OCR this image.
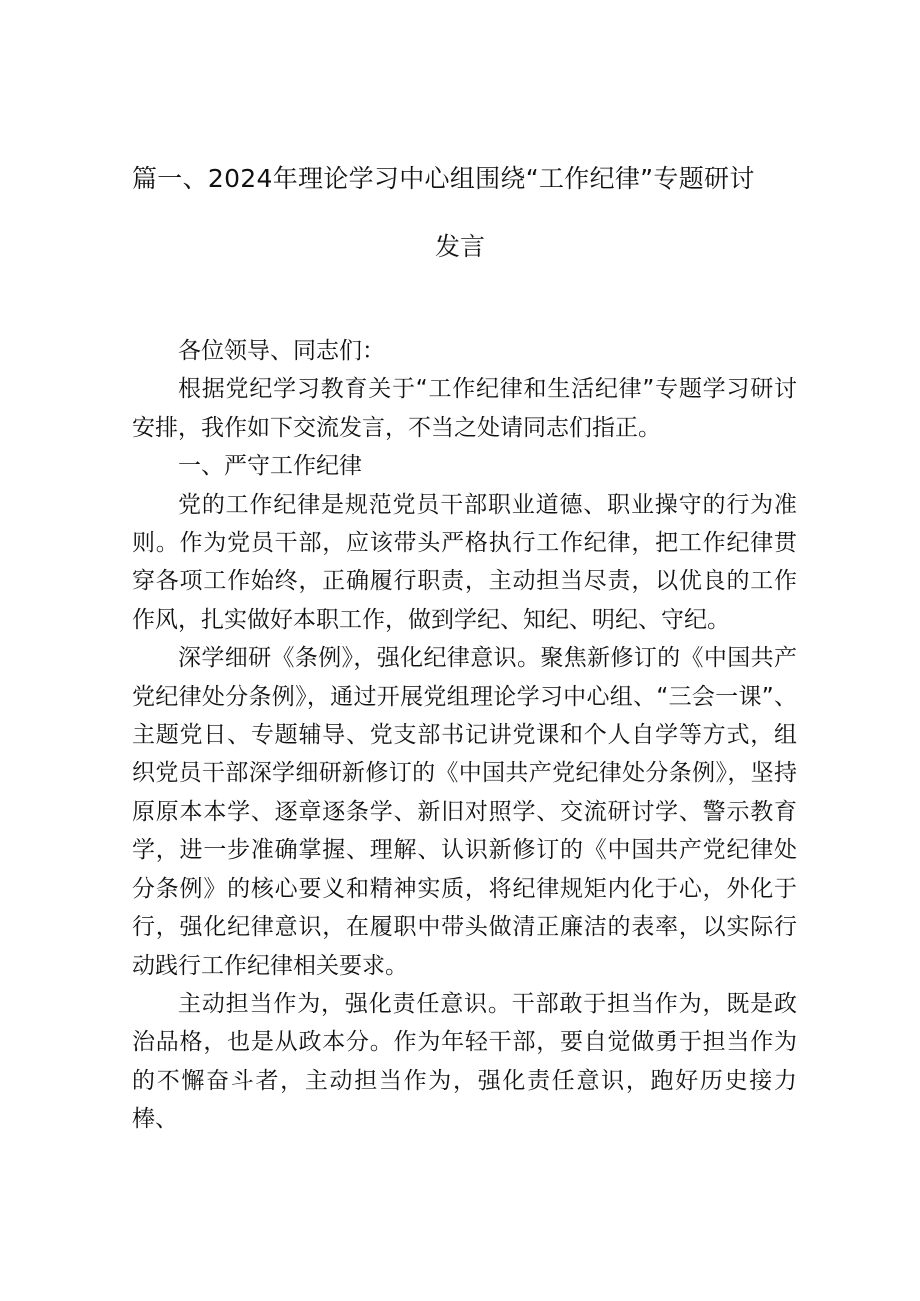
篇一、2024年理论学习中心组围绕“工作纪律”专题研讨
发言

各位领导、同志们：

根据党纪学习教育关于“工作纪律和生活纪律”专题学习研讨安排，我作如下交流发言，不当之处请同志们指正。

一、严守工作纪律

党的工作纪律是规范党员干部职业道德、职业操守的行为准则。作为党员干部，应该带头严格执行工作纪律，把工作纪律贯穿各项工作始终，正确履行职责，主动担当尽责，以优良的工作作风，扎实做好本职工作，做到学纪、知纪、明纪、守纪。

深学细研《条例》，强化纪律意识。聚焦新修订的《中国共产党纪律处分条例》，通过开展党组理论学习中心组、“三会一课”、主题党日、专题辅导、党支部书记讲党课和个人自学等方式，组织党员干部深学细研新修订的《中国共产党纪律处分条例》，坚持原原本本学、逐章逐条学、新旧对照学、交流研讨学、警示教育学，进一步准确掌握、理解、认识新修订的《中国共产党纪律处分条例》的核心要义和精神实质，将纪律规矩内化于心，外化于行，强化纪律意识，在履职中带头做清正廉洁的表率，以实际行动践行工作纪律相关要求。

主动担当作为，强化责任意识。干部敢于担当作为，既是政治品格，也是从政本分。作为年轻干部，要自觉做勇于担当作为的不懈奋斗者，主动担当作为，强化责任意识，跑好历史接力棒、
